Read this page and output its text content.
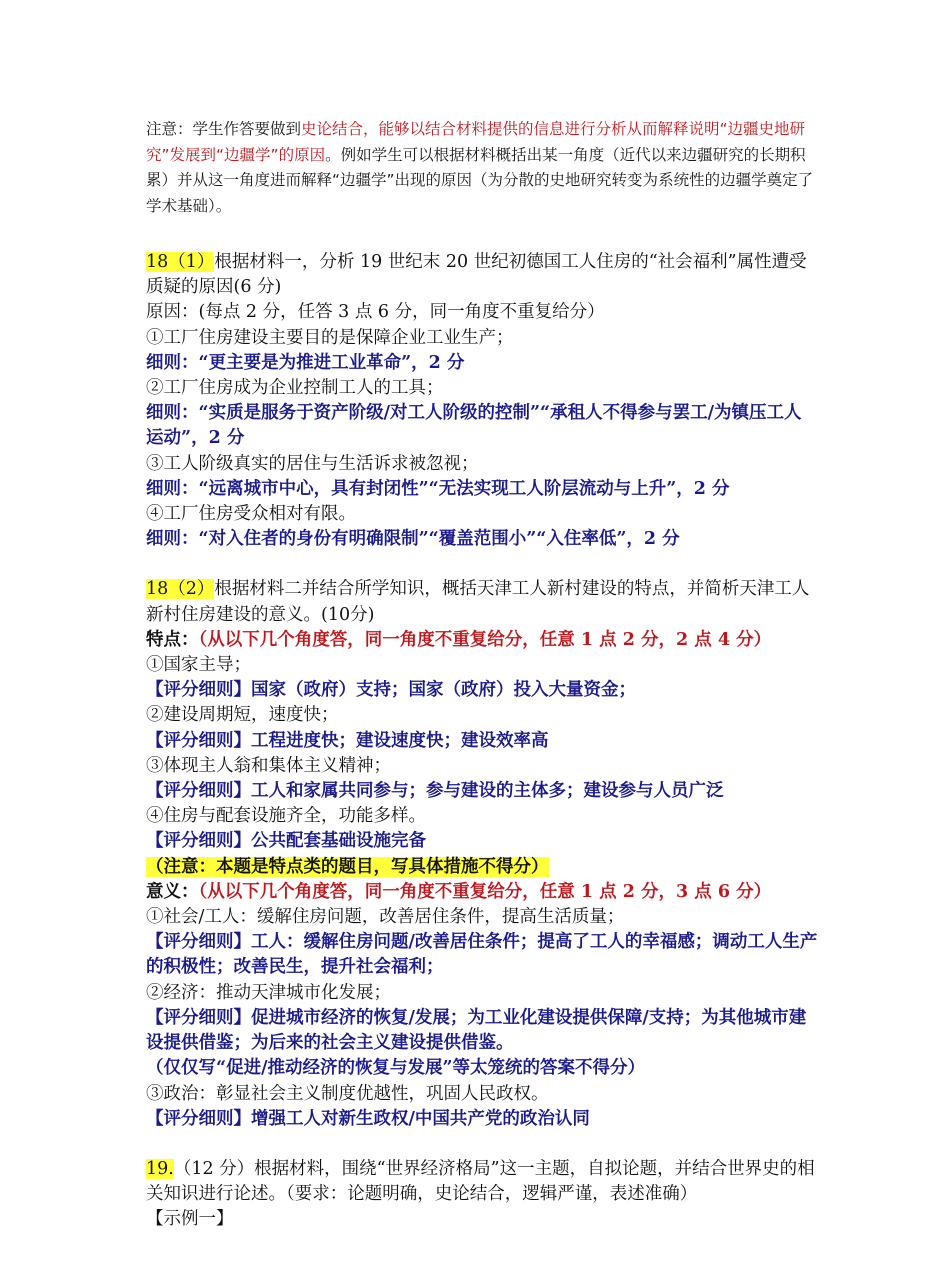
注意：学生作答要做到史论结合，能够以结合材料提供的信息进行分析从而解释说明“边疆史地研究”发展到“边疆学”的原因。例如学生可以根据材料概括出某一角度（近代以来边疆研究的长期积累）并从这一角度进而解释“边疆学”出现的原因（为分散的史地研究转变为系统性的边疆学奠定了学术基础）。

18（1）根据材料一，分析 19 世纪末 20 世纪初德国工人住房的“社会福利”属性遭受质疑的原因(6 分)

原因：(每点 2 分，任答 3 点 6 分，同一角度不重复给分）

①工厂住房建设主要目的是保障企业工业生产；

细则：“更主要是为推进工业革命”，2 分

②工厂住房成为企业控制工人的工具；

细则：“实质是服务于资产阶级/对工人阶级的控制”“承租人不得参与罢工/为镇压工人运动”，2 分

③工人阶级真实的居住与生活诉求被忽视；

细则：“远离城市中心，具有封闭性”“无法实现工人阶层流动与上升”，2 分

④工厂住房受众相对有限。

细则：“对入住者的身份有明确限制”“覆盖范围小”“入住率低”，2 分

18（2）根据材料二并结合所学知识，概括天津工人新村建设的特点，并简析天津工人新村住房建设的意义。(10分)

特点：（从以下几个角度答，同一角度不重复给分，任意 1 点 2 分，2 点 4 分）

①国家主导；

【评分细则】国家（政府）支持；国家（政府）投入大量资金；

②建设周期短，速度快；

【评分细则】工程进度快；建设速度快；建设效率高

③体现主人翁和集体主义精神；

【评分细则】工人和家属共同参与；参与建设的主体多；建设参与人员广泛

④住房与配套设施齐全，功能多样。

【评分细则】公共配套基础设施完备

（注意：本题是特点类的题目，写具体措施不得分）

意义：（从以下几个角度答，同一角度不重复给分，任意 1 点 2 分，3 点 6 分）

①社会/工人：缓解住房问题，改善居住条件，提高生活质量；

【评分细则】工人：缓解住房问题/改善居住条件；提高了工人的幸福感；调动工人生产的积极性；改善民生，提升社会福利；

②经济：推动天津城市化发展；

【评分细则】促进城市经济的恢复/发展；为工业化建设提供保障/支持；为其他城市建设提供借鉴；为后来的社会主义建设提供借鉴。

（仅仅写“促进/推动经济的恢复与发展”等太笼统的答案不得分）

③政治：彰显社会主义制度优越性，巩固人民政权。

【评分细则】增强工人对新生政权/中国共产党的政治认同

19.（12 分）根据材料，围绕“世界经济格局”这一主题，自拟论题，并结合世界史的相关知识进行论述。（要求：论题明确，史论结合，逻辑严谨，表述准确）

【示例一】
